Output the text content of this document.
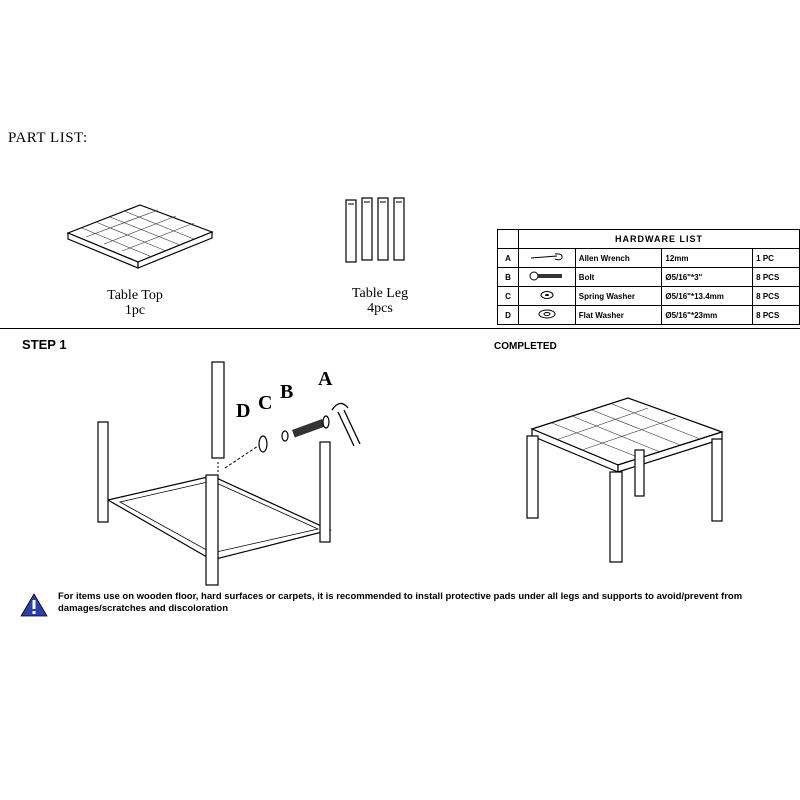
PART LIST:
D C B
A
Table Top
1pc
Table Leg
4pcs
	HARDWARE LIST			
A		Allen Wrench	12mm	1 PC
B		Bolt	Ø5/16"*3"	8 PCS
C		Spring Washer	Ø5/16"*13.4mm	8 PCS
D		Flat Washer	Ø5/16"*23mm	8 PCS
STEP 1	COMPLETED
For items use on wooden floor, hard surfaces or carpets, it is recommended to install protective pads under all legs and supports to avoid/prevent from damages/scratches and discoloration
